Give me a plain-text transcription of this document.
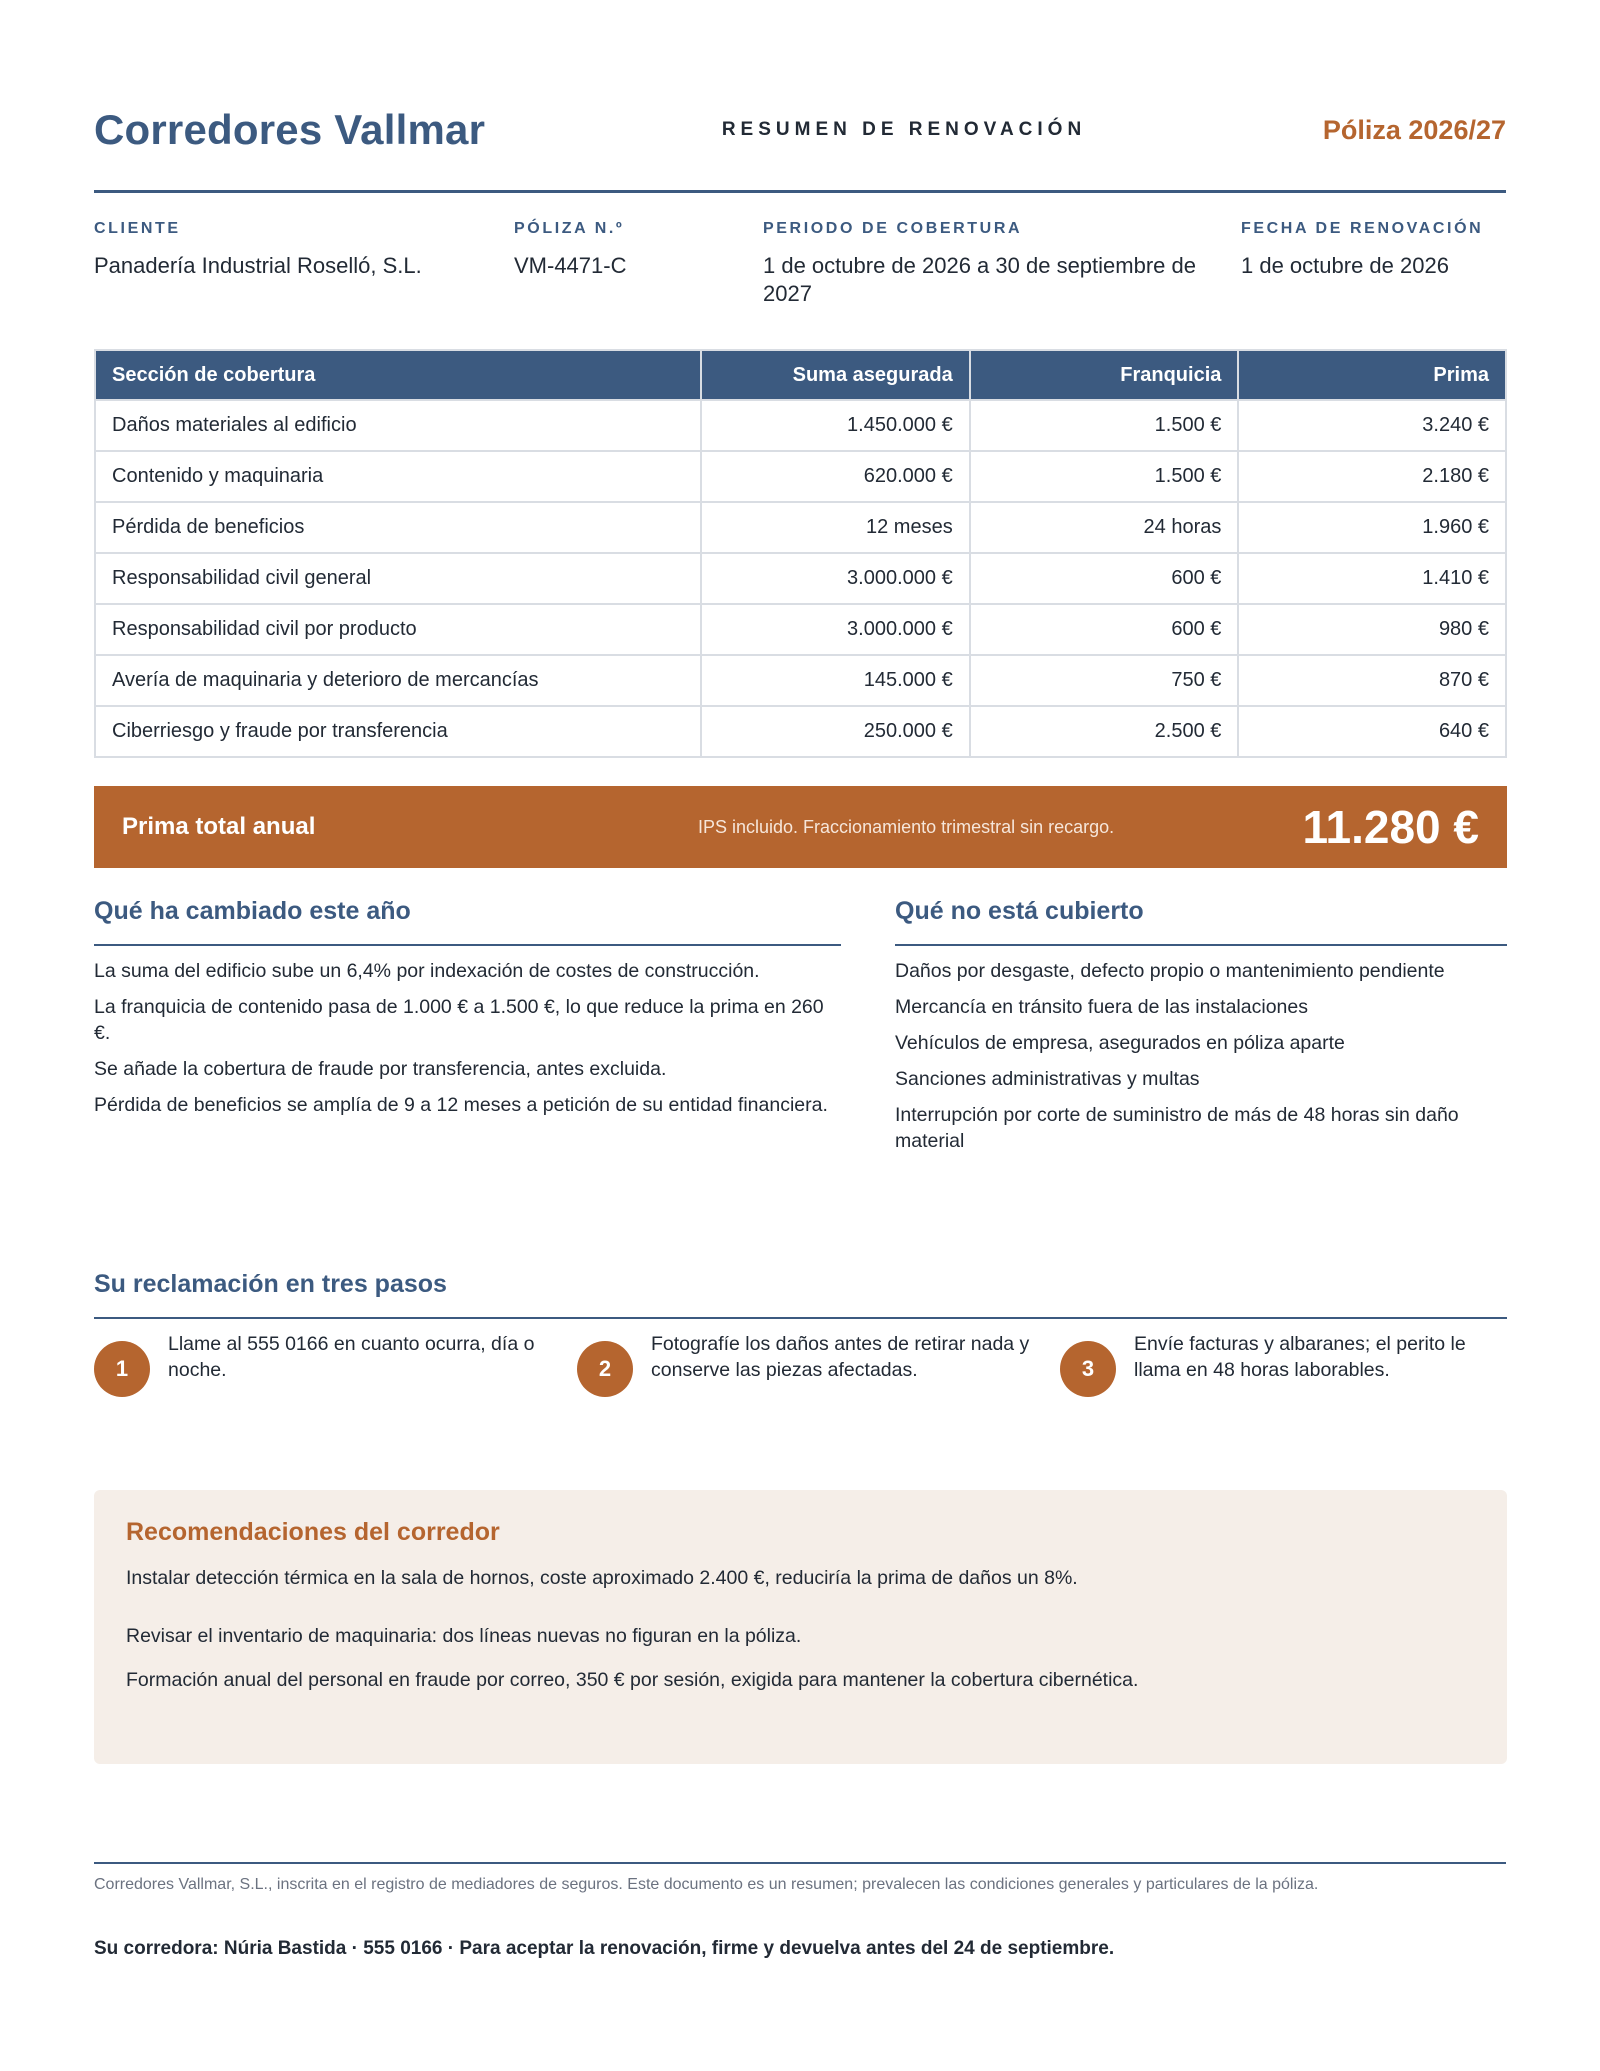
Corredores Vallmar	RESUMEN DE RENOVACIÓN	Póliza 2026/27
CLIENTE
Panadería Industrial Roselló, S.L.
PÓLIZA N.º
VM-4471-C
PERIODO DE COBERTURA
1 de octubre de 2026 a 30 de septiembre de 2027
FECHA DE RENOVACIÓN
1 de octubre de 2026
Sección de cobertura	Suma asegurada	Franquicia	Prima
Daños materiales al edificio	1.450.000 €	1.500 €	3.240 €
Contenido y maquinaria	620.000 €	1.500 €	2.180 €
Pérdida de beneficios	12 meses	24 horas	1.960 €
Responsabilidad civil general	3.000.000 €	600 €	1.410 €
Responsabilidad civil por producto	3.000.000 €	600 €	980 €
Avería de maquinaria y deterioro de mercancías	145.000 €	750 €	870 €
Ciberriesgo y fraude por transferencia	250.000 €	2.500 €	640 €
Prima total anual	IPS incluido. Fraccionamiento trimestral sin recargo.	11.280 €
Qué ha cambiado este año
La suma del edificio sube un 6,4% por indexación de costes de construcción.
La franquicia de contenido pasa de 1.000 € a 1.500 €, lo que reduce la prima en 260 €.
Se añade la cobertura de fraude por transferencia, antes excluida.
Pérdida de beneficios se amplía de 9 a 12 meses a petición de su entidad financiera.
Qué no está cubierto
Daños por desgaste, defecto propio o mantenimiento pendiente
Mercancía en tránsito fuera de las instalaciones
Vehículos de empresa, asegurados en póliza aparte
Sanciones administrativas y multas
Interrupción por corte de suministro de más de 48 horas sin daño material
Su reclamación en tres pasos
1
Llame al 555 0166 en cuanto ocurra, día o noche.	2
Fotografíe los daños antes de retirar nada y conserve las piezas afectadas.	3
Envíe facturas y albaranes; el perito le llama en 48 horas laborables.
Recomendaciones del corredor

Instalar detección térmica en la sala de hornos, coste aproximado 2.400 €, reduciría la prima de daños un 8%.

Revisar el inventario de maquinaria: dos líneas nuevas no figuran en la póliza.

Formación anual del personal en fraude por correo, 350 € por sesión, exigida para mantener la cobertura cibernética.

Corredores Vallmar, S.L., inscrita en el registro de mediadores de seguros. Este documento es un resumen; prevalecen las condiciones generales y particulares de la póliza.
Su corredora: Núria Bastida · 555 0166 · Para aceptar la renovación, firme y devuelva antes del 24 de septiembre.
